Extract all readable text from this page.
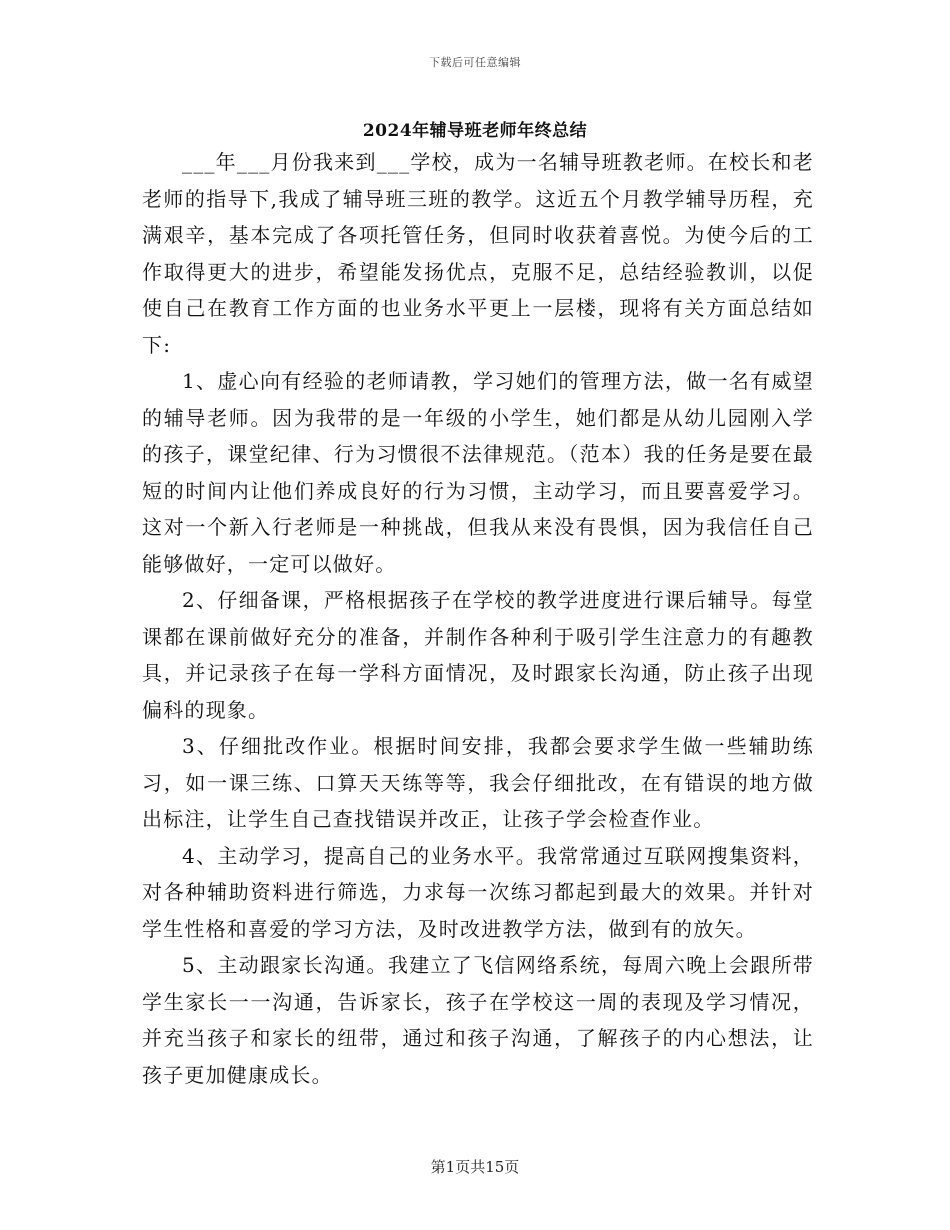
下载后可任意编辑
2024年辅导班老师年终总结

___年___月份我来到___学校，成为一名辅导班教老师。在校长和老老师的指导下,我成了辅导班三班的教学。这近五个月教学辅导历程，充满艰辛，基本完成了各项托管任务，但同时收获着喜悦。为使今后的工作取得更大的进步，希望能发扬优点，克服不足，总结经验教训，以促使自己在教育工作方面的也业务水平更上一层楼，现将有关方面总结如下:

1、虚心向有经验的老师请教，学习她们的管理方法，做一名有威望的辅导老师。因为我带的是一年级的小学生，她们都是从幼儿园刚入学的孩子，课堂纪律、行为习惯很不法律规范。（范本）我的任务是要在最短的时间内让他们养成良好的行为习惯，主动学习，而且要喜爱学习。这对一个新入行老师是一种挑战，但我从来没有畏惧，因为我信任自己能够做好，一定可以做好。

2、仔细备课，严格根据孩子在学校的教学进度进行课后辅导。每堂课都在课前做好充分的准备，并制作各种利于吸引学生注意力的有趣教具，并记录孩子在每一学科方面情况，及时跟家长沟通，防止孩子出现偏科的现象。

3、仔细批改作业。根据时间安排，我都会要求学生做一些辅助练习，如一课三练、口算天天练等等，我会仔细批改，在有错误的地方做出标注，让学生自己查找错误并改正，让孩子学会检查作业。

4、主动学习，提高自己的业务水平。我常常通过互联网搜集资料，对各种辅助资料进行筛选，力求每一次练习都起到最大的效果。并针对学生性格和喜爱的学习方法，及时改进教学方法，做到有的放矢。

5、主动跟家长沟通。我建立了飞信网络系统，每周六晚上会跟所带学生家长一一沟通，告诉家长，孩子在学校这一周的表现及学习情况，并充当孩子和家长的纽带，通过和孩子沟通，了解孩子的内心想法，让孩子更加健康成长。

第1页共15页
